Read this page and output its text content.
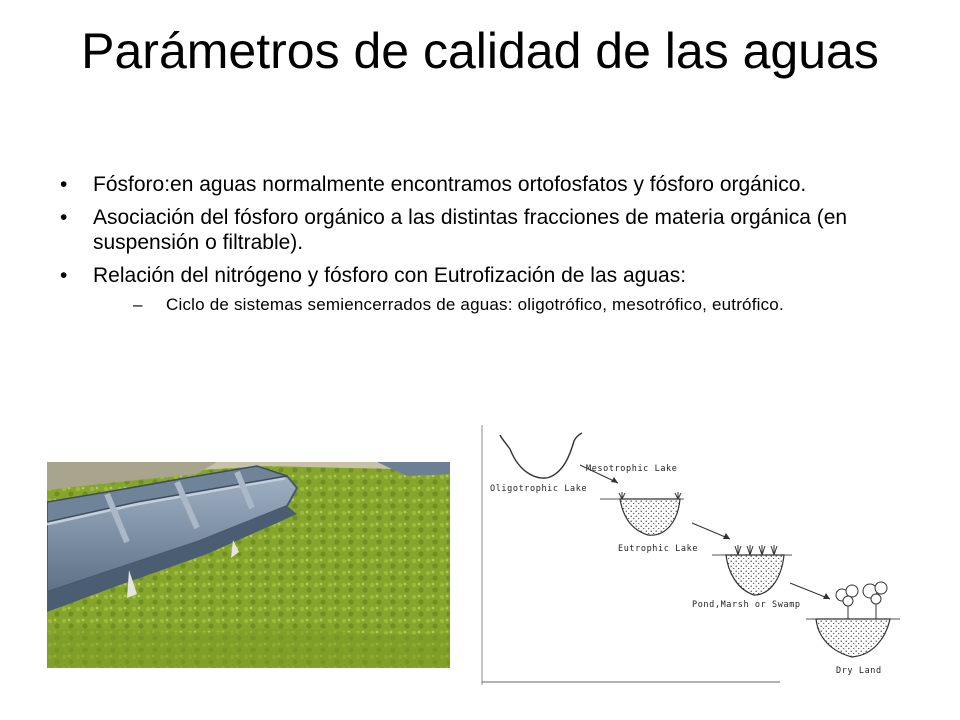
Parámetros de calidad de las aguas
• Fósforo:en aguas normalmente encontramos ortofosfatos y fósforo orgánico.
• Asociación del fósforo orgánico a las distintas fracciones de materia orgánica (en suspensión o filtrable).
• Relación del nitrógeno y fósforo con Eutrofización de las aguas:
– Ciclo de sistemas semiencerrados de aguas: oligotrófico, mesotrófico, eutrófico.
Oligotrophic Lake
Mesotrophic Lake
Eutrophic Lake
Pond,Marsh or Swamp
Dry Land
